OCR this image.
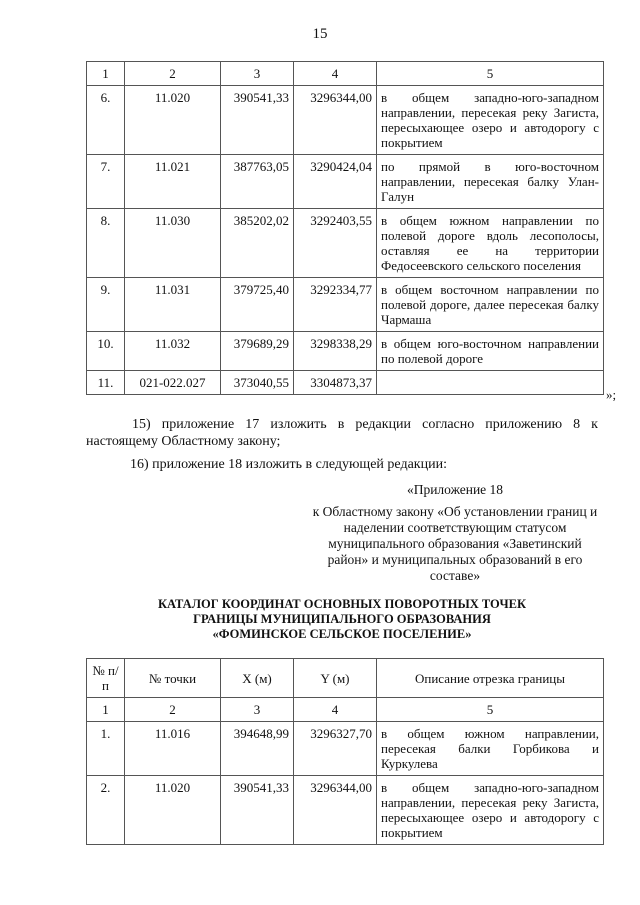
15
1	2	3	4	5
6.	11.020	390541,33	3296344,00	в общем западно-юго-западном направлении, пересекая реку Загиста, пересыхающее озеро и автодорогу с покрытием
7.	11.021	387763,05	3290424,04	по прямой в юго-восточном направлении, пересекая балку Улан-Галун
8.	11.030	385202,02	3292403,55	в общем южном направлении по полевой дороге вдоль лесополосы, оставляя ее на территории Федосеевского сельского поселения
9.	11.031	379725,40	3292334,77	в общем восточном направлении по полевой дороге, далее пересекая балку Чармаша
10.	11.032	379689,29	3298338,29	в общем юго-восточном направлении по полевой дороге
11.	021-022.027	373040,55	3304873,37	
»;
15) приложение 17 изложить в редакции согласно приложению 8 к настоящему Областному закону;
16) приложение 18 изложить в следующей редакции:
«Приложение 18
к Областному закону «Об установлении границ и наделении соответствующим статусом муниципального образования «Заветинский район» и муниципальных образований в его составе»
КАТАЛОГ КООРДИНАТ ОСНОВНЫХ ПОВОРОТНЫХ ТОЧЕК
ГРАНИЦЫ МУНИЦИПАЛЬНОГО ОБРАЗОВАНИЯ
«ФОМИНСКОЕ СЕЛЬСКОЕ ПОСЕЛЕНИЕ»
№ п/п	№ точки	X (м)	Y (м)	Описание отрезка границы
1	2	3	4	5
1.	11.016	394648,99	3296327,70	в общем южном направлении, пересекая балки Горбикова и Куркулева
2.	11.020	390541,33	3296344,00	в общем западно-юго-западном направлении, пересекая реку Загиста, пересыхающее озеро и автодорогу с покрытием
